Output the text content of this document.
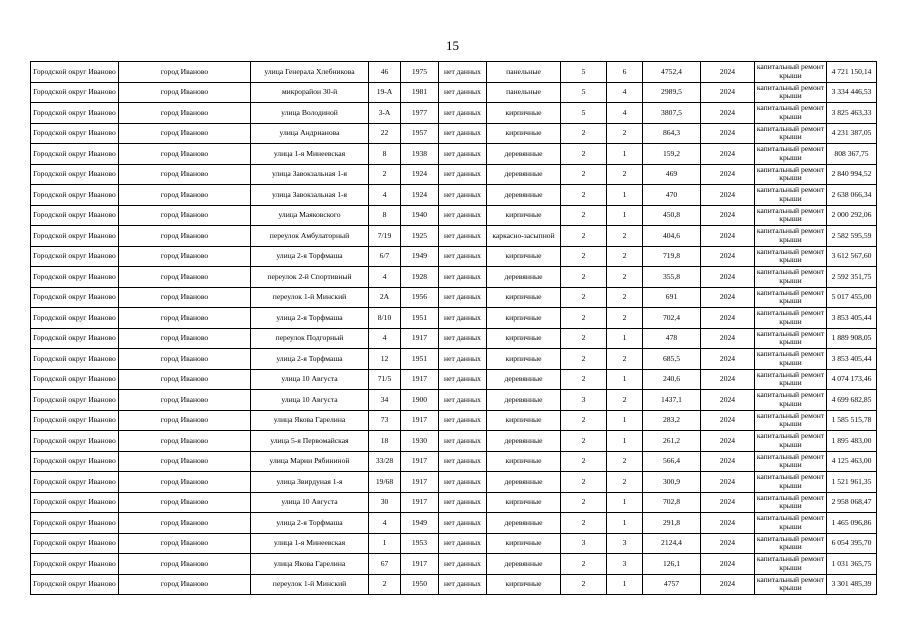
15
Городской округ Иваново	город Иваново	улица Генерала Хлебникова	46	1975	нет данных	панельные	5	6	4752,4	2024	капитальный ремонт крыши	4 721 150,14
Городской округ Иваново	город Иваново	микрорайон 30-й	19-А	1981	нет данных	панельные	5	4	2989,5	2024	капитальный ремонт крыши	3 334 446,53
Городской округ Иваново	город Иваново	улица Володиной	3-А	1977	нет данных	кирпичные	5	4	3807,5	2024	капитальный ремонт крыши	3 825 463,33
Городской округ Иваново	город Иваново	улица Андрианова	22	1957	нет данных	кирпичные	2	2	864,3	2024	капитальный ремонт крыши	4 231 387,05
Городской округ Иваново	город Иваново	улица 1-я Минеевская	8	1938	нет данных	деревянные	2	1	159,2	2024	капитальный ремонт крыши	808 367,75
Городской округ Иваново	город Иваново	улица Завокзальная 1-я	2	1924	нет данных	деревянные	2	2	469	2024	капитальный ремонт крыши	2 840 994,52
Городской округ Иваново	город Иваново	улица Завокзальная 1-я	4	1924	нет данных	деревянные	2	1	470	2024	капитальный ремонт крыши	2 638 066,34
Городской округ Иваново	город Иваново	улица Маяковского	8	1940	нет данных	кирпичные	2	1	450,8	2024	капитальный ремонт крыши	2 000 292,06
Городской округ Иваново	город Иваново	переулок Амбулаторный	7/19	1925	нет данных	каркасно-засыпной	2	2	404,6	2024	капитальный ремонт крыши	2 582 595,59
Городской округ Иваново	город Иваново	улица 2-я Торфмаша	6/7	1949	нет данных	кирпичные	2	2	719,8	2024	капитальный ремонт крыши	3 612 567,60
Городской округ Иваново	город Иваново	переулок 2-й Спортивный	4	1928	нет данных	деревянные	2	2	355,8	2024	капитальный ремонт крыши	2 592 351,75
Городской округ Иваново	город Иваново	переулок 1-й Минский	2А	1956	нет данных	кирпичные	2	2	691	2024	капитальный ремонт крыши	5 017 455,00
Городской округ Иваново	город Иваново	улица 2-я Торфмаша	8/10	1951	нет данных	кирпичные	2	2	702,4	2024	капитальный ремонт крыши	3 853 405,44
Городской округ Иваново	город Иваново	переулок Подгорный	4	1917	нет данных	кирпичные	2	1	478	2024	капитальный ремонт крыши	1 889 908,05
Городской округ Иваново	город Иваново	улица 2-я Торфмаша	12	1951	нет данных	кирпичные	2	2	685,5	2024	капитальный ремонт крыши	3 853 405,44
Городской округ Иваново	город Иваново	улица 10 Августа	71/5	1917	нет данных	деревянные	2	1	240,6	2024	капитальный ремонт крыши	4 074 173,46
Городской округ Иваново	город Иваново	улица 10 Августа	34	1900	нет данных	деревянные	3	2	1437,1	2024	капитальный ремонт крыши	4 699 682,85
Городской округ Иваново	город Иваново	улица Якова Гарелина	73	1917	нет данных	кирпичные	2	1	283,2	2024	капитальный ремонт крыши	1 585 515,78
Городской округ Иваново	город Иваново	улица 5-я Первомайская	18	1930	нет данных	деревянные	2	1	261,2	2024	капитальный ремонт крыши	1 895 483,00
Городской округ Иваново	город Иваново	улица Марии Рябининой	33/28	1917	нет данных	кирпичные	2	2	566,4	2024	капитальный ремонт крыши	4 125 463,00
Городской округ Иваново	город Иваново	улица Звирдуная 1-я	19/68	1917	нет данных	деревянные	2	2	300,9	2024	капитальный ремонт крыши	1 521 961,35
Городской округ Иваново	город Иваново	улица 10 Августа	30	1917	нет данных	кирпичные	2	1	702,8	2024	капитальный ремонт крыши	2 958 068,47
Городской округ Иваново	город Иваново	улица 2-я Торфмаша	4	1949	нет данных	деревянные	2	1	291,8	2024	капитальный ремонт крыши	1 465 096,86
Городской округ Иваново	город Иваново	улица 1-я Минеевская	1	1953	нет данных	кирпичные	3	3	2124,4	2024	капитальный ремонт крыши	6 054 395,70
Городской округ Иваново	город Иваново	улица Якова Гарелина	67	1917	нет данных	деревянные	2	3	126,1	2024	капитальный ремонт крыши	1 031 365,75
Городской округ Иваново	город Иваново	переулок 1-й Минский	2	1950	нет данных	кирпичные	2	1	4757	2024	капитальный ремонт крыши	3 301 485,39
